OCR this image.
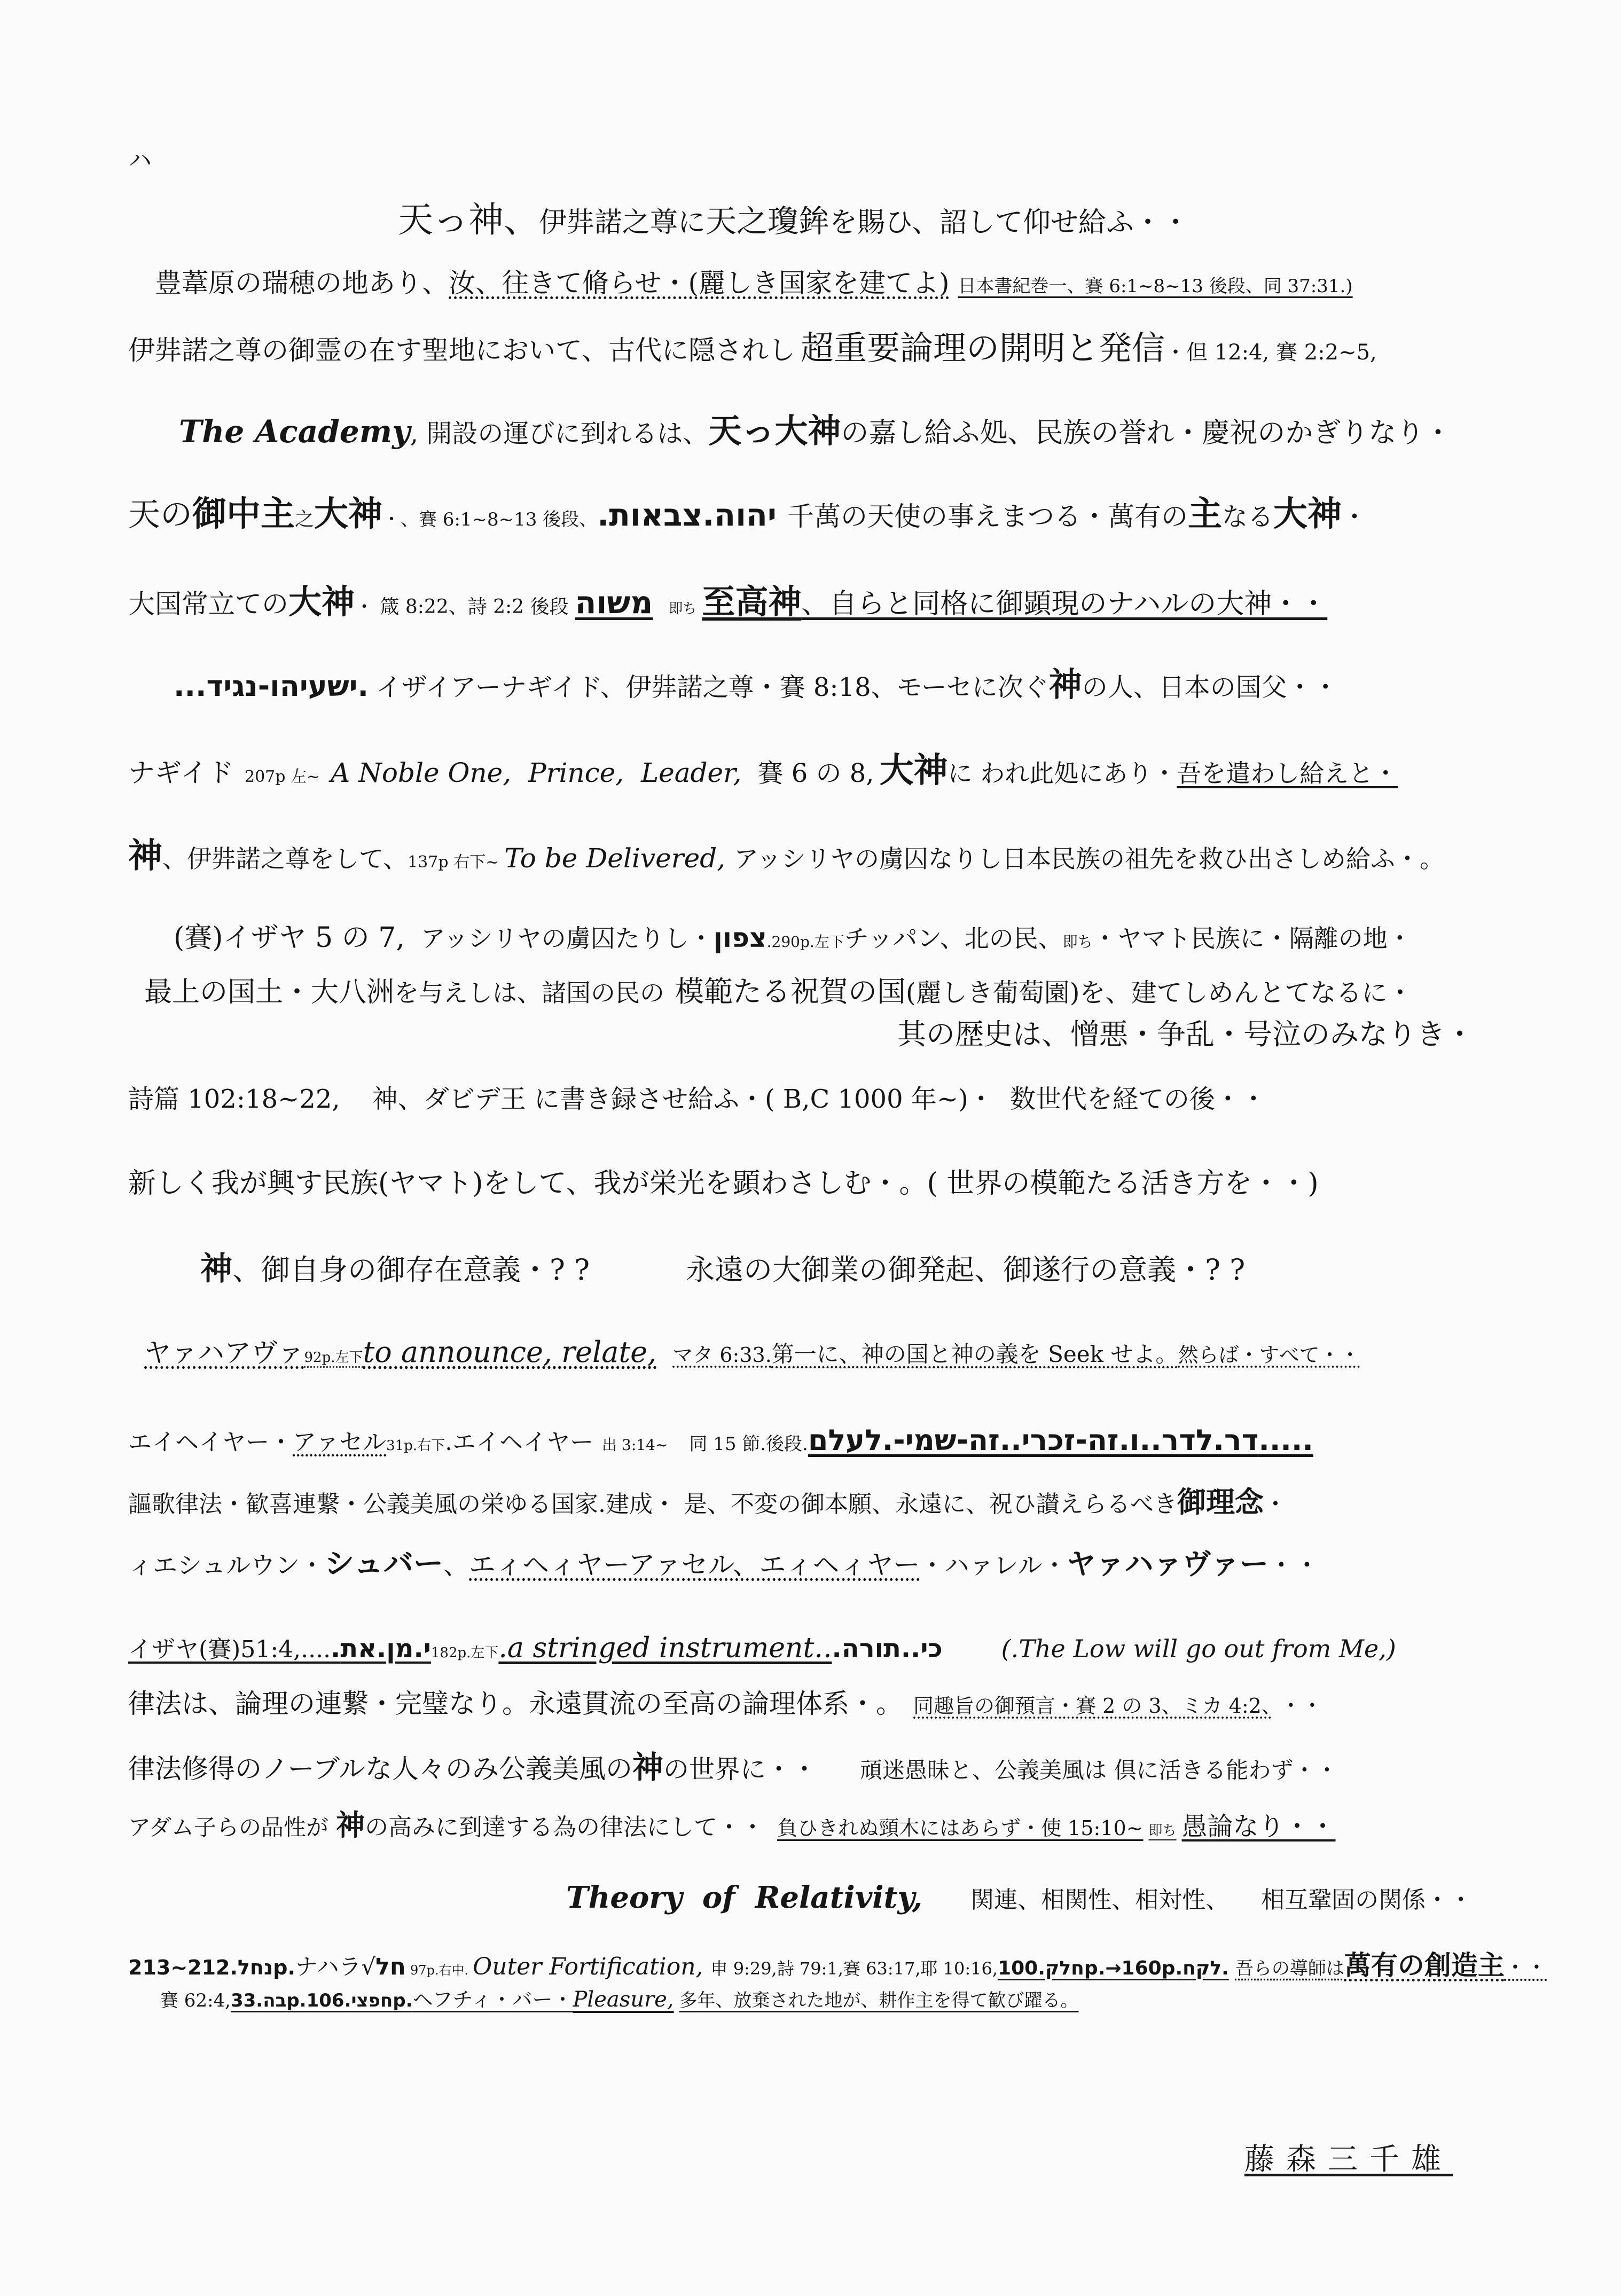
ハ
天っ神、伊弉諾之尊に天之瓊鉾を賜ひ、詔して仰せ給ふ・・
豊葦原の瑞穂の地あり、汝、往きて脩らせ・(麗しき国家を建てよ) 日本書紀巻一、賽 6:1~8~13 後段、同 37:31.)
伊弉諾之尊の御霊の在す聖地において、古代に隠されし 超重要論理の開明と発信・但 12:4, 賽 2:2~5,
The Academy, 開設の運びに到れるは、天っ大神の嘉し給ふ処、民族の誉れ・慶祝のかぎりなり・
天の御中主之大神・、賽 6:1~8~13 後段、.יהוה.צבאות 千萬の天使の事えまつる・萬有の主なる大神・
大国常立ての大神・ 箴 8:22、詩 2:2 後段 משוה 即ち 至高神、自らと同格に御顕現のナハルの大神・・
...ישעיהו-נגיד. イザイアーナギイド、伊弉諾之尊・賽 8:18、モーセに次ぐ神の人、日本の国父・・
ナギイド 207p 左~ A Noble One,  Prince,  Leader, 賽 6 の 8, 大神に われ此処にあり・吾を遣わし給えと・
神、伊弉諾之尊をして、137p 右下~ To be Delivered, アッシリヤの虜囚なりし日本民族の祖先を救ひ出さしめ給ふ・。
(賽)イザヤ 5 の 7, アッシリヤの虜囚たりし・צפון.290p.左下チッパン、北の民、即ち・ヤマト民族に・隔離の地・
最上の国土・大八洲を与えしは、諸国の民の 模範たる祝賀の国(麗しき葡萄園)を、建てしめんとてなるに・
其の歴史は、憎悪・争乱・号泣のみなりき・
詩篇 102:18~22, 神、ダビデ王 に書き録させ給ふ・( B,C 1000 年~)・ 数世代を経ての後・・
新しく我が興す民族(ヤマト)をして、我が栄光を顕わさしむ・。( 世界の模範たる活き方を・・)
神、御自身の御存在意義・? ?	永遠の大御業の御発起、御遂行の意義・? ?
ヤァハアヴァ92p.左下to announce, relate, マタ 6:33.第一に、神の国と神の義を Seek せよ。然らば・すべて・・
エイヘイヤー・アァセル31p.右下.エイヘイヤー 出 3:14~ 同 15 節.後段.דר.לדר..ו.זה-זכרי..זה-שמי-.לעלם.....
謳歌律法・歓喜連繋・公義美風の栄ゆる国家.建成・ 是、不変の御本願、永遠に、祝ひ讃えらるべき御理念・
ィエシュルウン・シュバー、エィヘィヤーアァセル、エィヘィヤー・ハァレル・ヤァハァヴァー・・
イザヤ(賽)51:4,.....י.מן.את182p.左下.a stringed instrument...כי..תורה (.The Low will go out from Me,)
律法は、論理の連繋・完璧なり。永遠貫流の至高の論理体系・。 同趣旨の御預言・賽 2 の 3、ミカ 4:2、 ・・
律法修得のノーブルな人々のみ公義美風の神の世界に・・ 頑迷愚昧と、公義美風は 倶に活きる能わず・・
アダム子らの品性が 神の高みに到達する為の律法にして・・ 負ひきれぬ頸木にはあらず・使 15:10~ 即ち 愚論なり・・
Theory of Relativity, 関連、相関性、相対性、 相互鞏固の関係・・
נחל.212~213p.ナハラ√חל 97p.右中. Outer Fortification, 申 9:29,詩 79:1,賽 63:17,耶 10:16,חלק.100p.→160p.לקח. 吾らの導師は萬有の創造主・・
賽 62:4,בה.33p.חפצי.106p.ヘフチィ・バー・Pleasure, 多年、放棄された地が、耕作主を得て歓び躍る。
藤森三千雄
